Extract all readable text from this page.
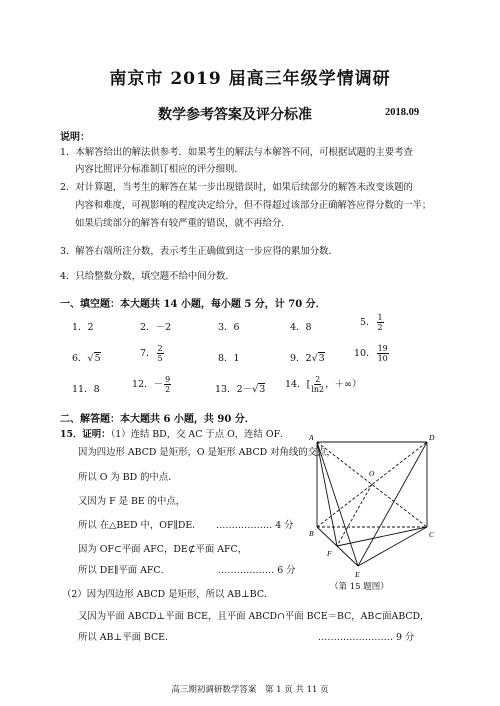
南京市 2019 届高三年级学情调研
数学参考答案及评分标准	2018.09
说明：
1．本解答给出的解法供参考．如果考生的解法与本解答不同，可根据试题的主要考查
内容比照评分标准制订相应的评分细则．
2．对计算题，当考生的解答在某一步出现错误时，如果后续部分的解答未改变该题的
内容和难度，可视影响的程度决定给分，但不得超过该部分正确解答应得分数的一半；
如果后续部分的解答有较严重的错误，就不再给分．
3．解答右端所注分数，表示考生正确做到这一步应得的累加分数．
4．只给整数分数，填空题不给中间分数．
一、填空题：本大题共 14 小题，每小题 5 分，计 70 分．
1．2	2．－2	3．6	4．8	5． $\frac{1}{2}$
6．√5	7． $\frac{2}{5}$	8．1	9．2√3	10． $\frac{19}{10}$
11．8	12．－ $\frac{9}{2}$	13．2－√3 14．[ $\frac{2}{\ln 2}$ ，＋∞）
二、解答题：本大题共 6 小题，共 90 分．
15．证明：（1）连结 BD，交 AC 于点 O，连结 OF．
因为四边形 ABCD 是矩形，O 是矩形 ABCD 对角线的交点，
所以 O 为 BD 的中点．
又因为 F 是 BE 的中点，
所以 在△BED 中，OF∥DE． ……………… 4 分
因为 OF⊂平面 AFC，DE⊄平面 AFC，
所以 DE∥平面 AFC．	……………… 6 分
（2）因为四边形 ABCD 是矩形，所以 AB⊥BC．
又因为平面 ABCD⊥平面 BCE，且平面 ABCD∩平面 BCE＝BC，AB⊂面ABCD，
所以 AB⊥平面 BCE．	…………………… 9 分
A	D
O
B	C
F
E
（第 15 题图）
高三期初调研数学答案　第 1 页 共 11 页
